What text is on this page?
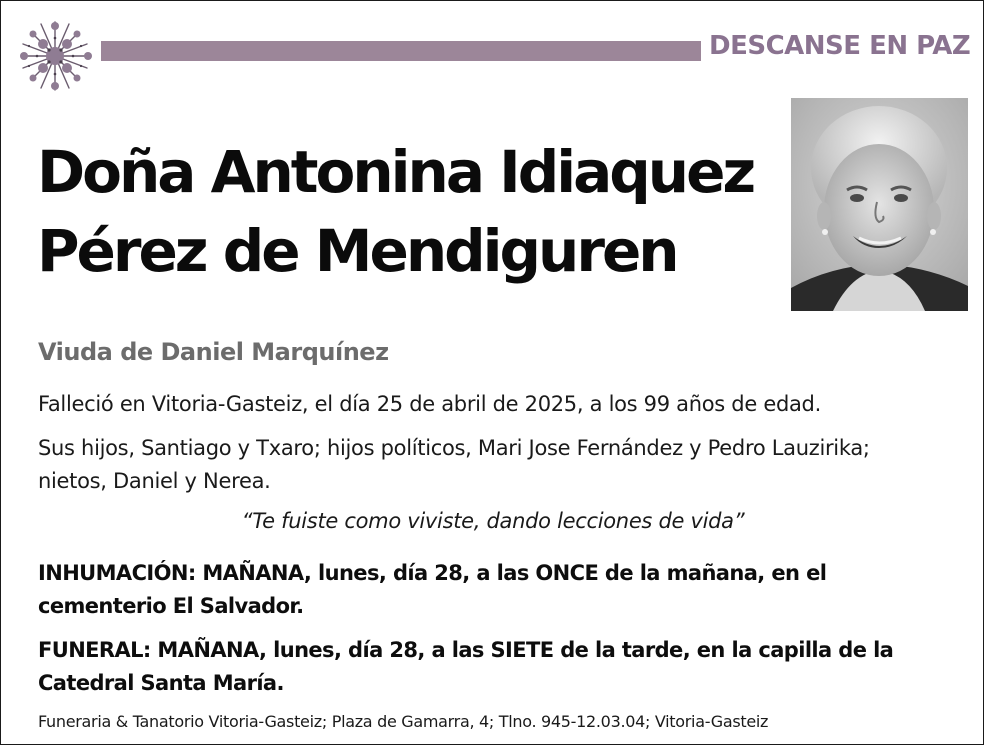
DESCANSE EN PAZ
Doña Antonina Idiaquez
Pérez de Mendiguren
Viuda de Daniel Marquínez

Falleció en Vitoria-Gasteiz, el día 25 de abril de 2025, a los 99 años de edad.

Sus hijos, Santiago y Txaro; hijos políticos, Mari Jose Fernández y Pedro Lauzirika; nietos, Daniel y Nerea.

“Te fuiste como viviste, dando lecciones de vida”

INHUMACIÓN: MAÑANA, lunes, día 28, a las ONCE de la mañana, en el cementerio El Salvador.

FUNERAL: MAÑANA, lunes, día 28, a las SIETE de la tarde, en la capilla de la Catedral Santa María.

Funeraria & Tanatorio Vitoria-Gasteiz; Plaza de Gamarra, 4; Tlno. 945-12.03.04; Vitoria-Gasteiz
